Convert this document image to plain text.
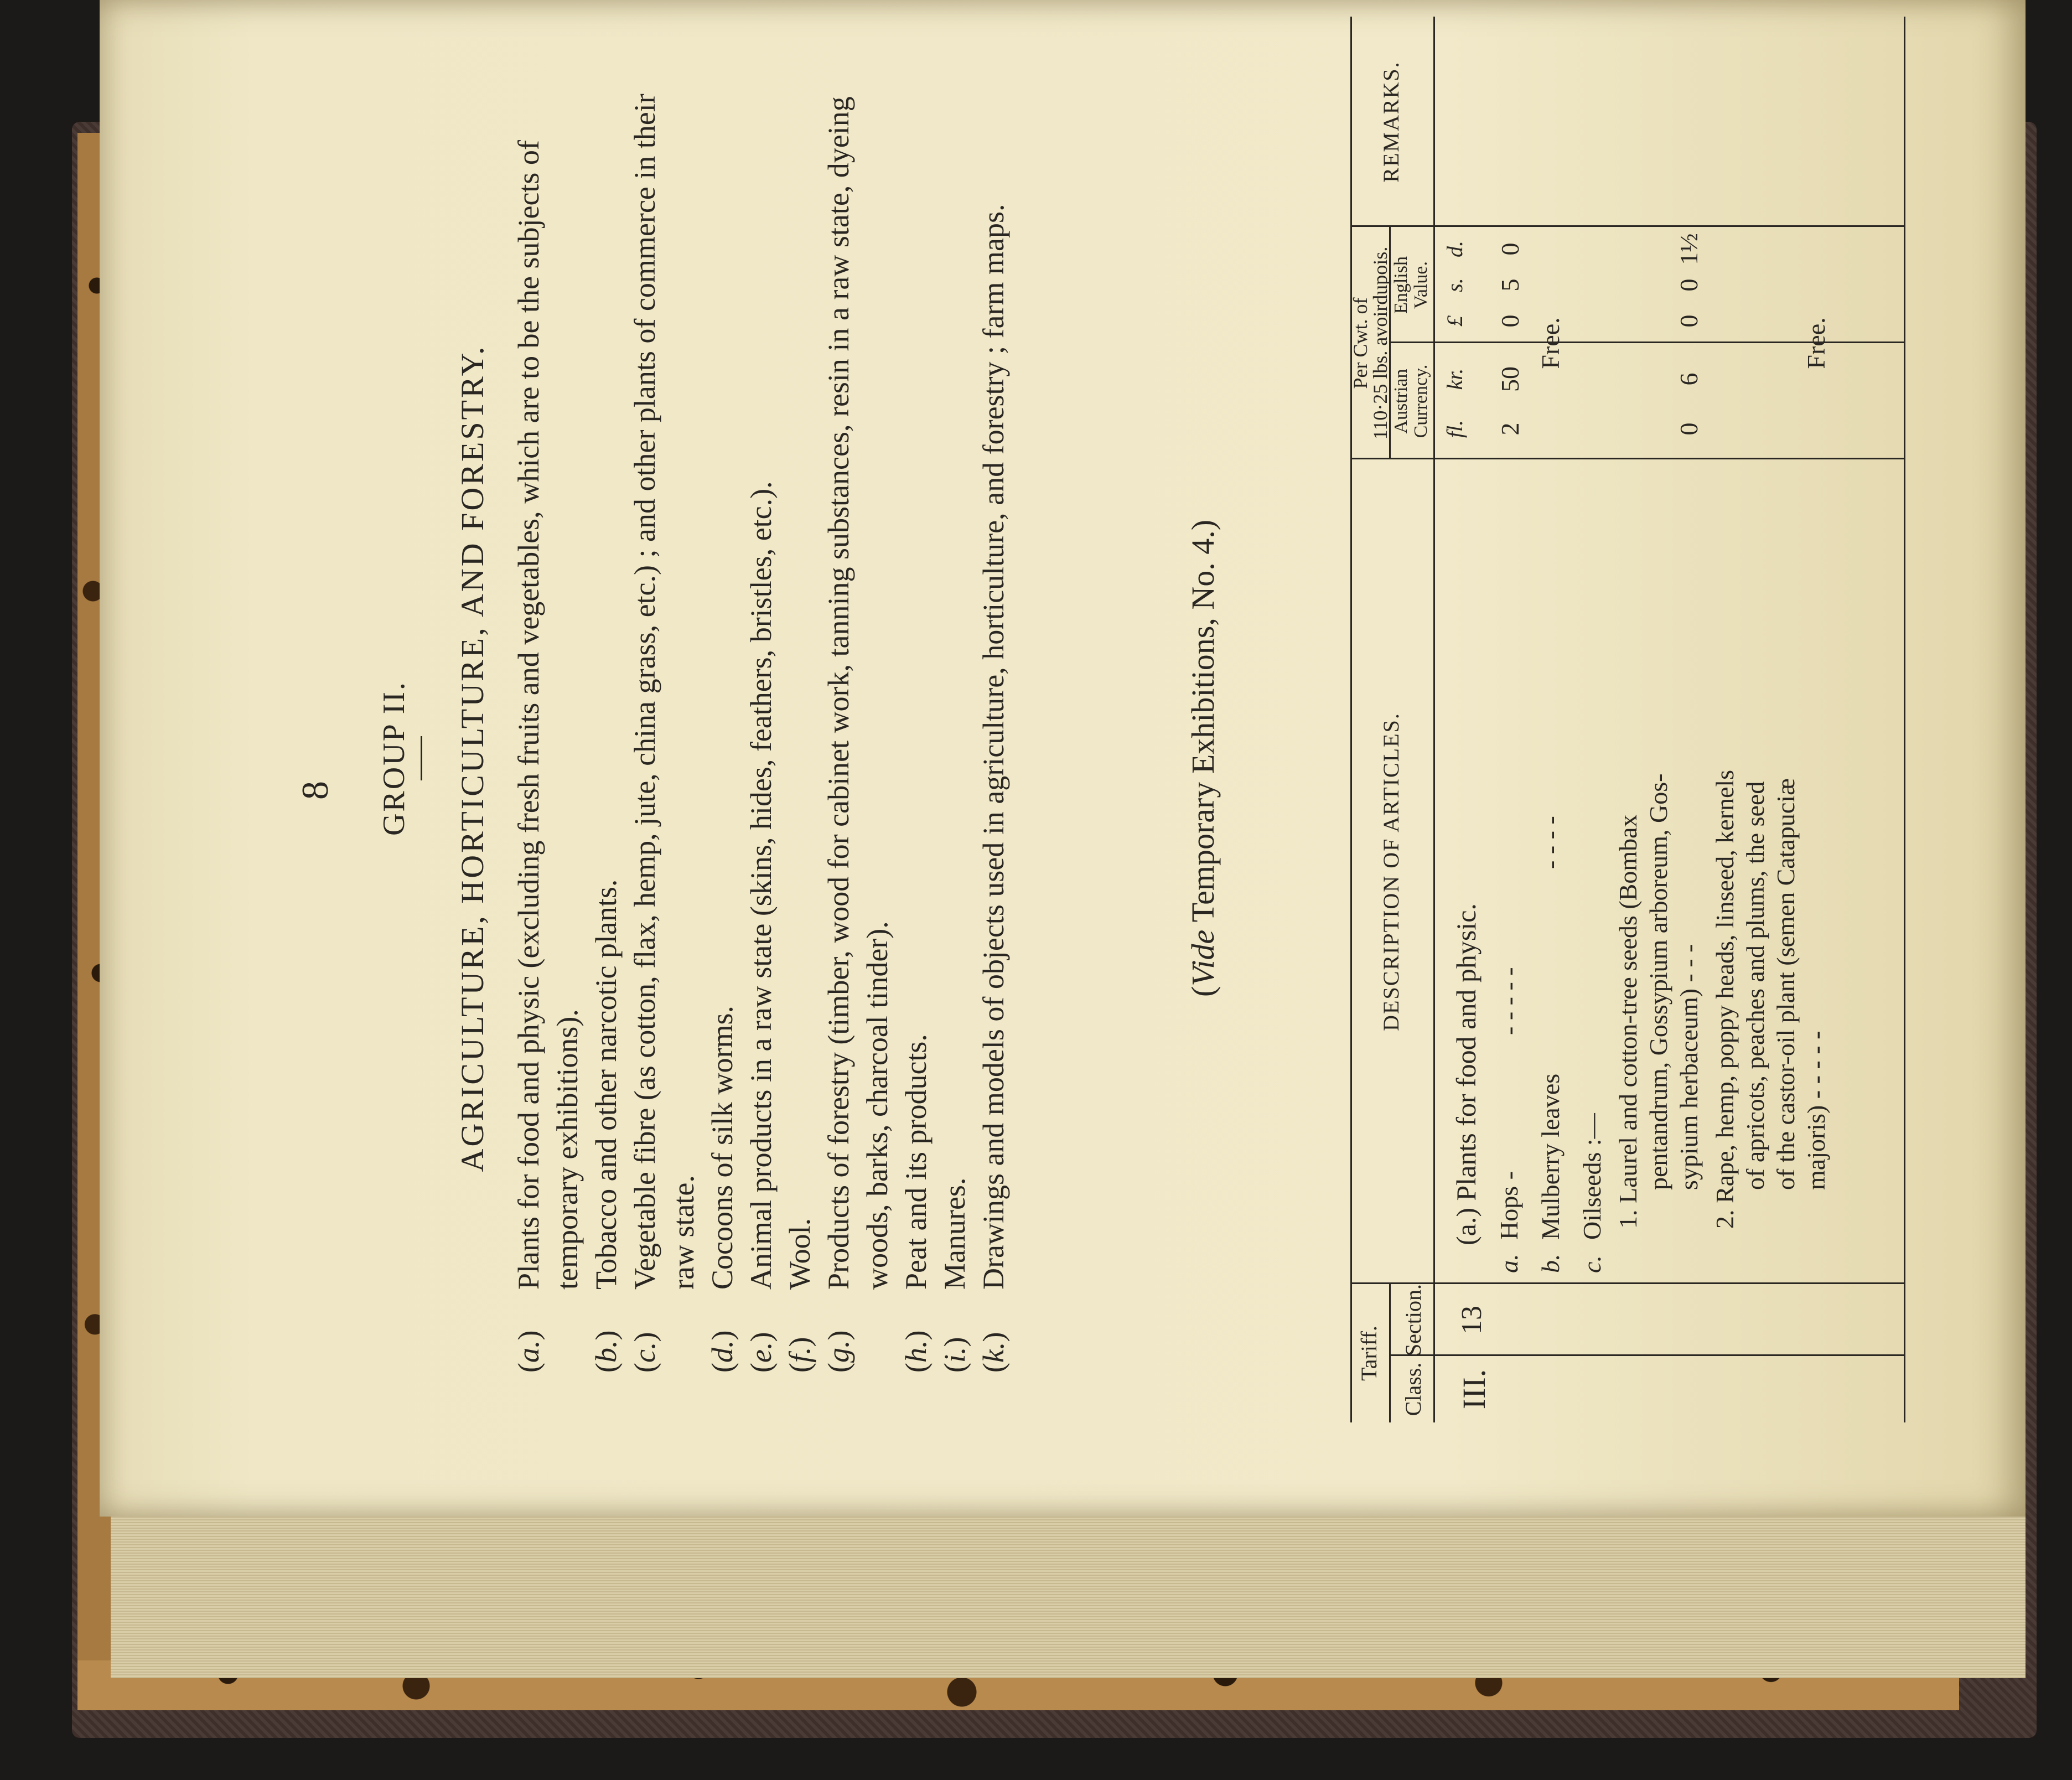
8 GROUP II. AGRICULTURE, HORTICULTURE, AND FORESTRY.
(a.)
Plants for food and physic (excluding fresh fruits and vegetables, which are to be the subjects of temporary exhibitions).
(b.)
Tobacco and other narcotic plants.
(c.)
Vegetable fibre (as cotton, flax, hemp, jute, china grass, etc.) ; and other plants of commerce in their raw state.
(d.)
Cocoons of silk worms.
(e.)
Animal products in a raw state (skins, hides, feathers, bristles, etc.).
(f.)
Wool.
(g.)
Products of forestry (timber, wood for cabinet work, tanning substances, resin in a raw state, dyeing woods, barks, charcoal tinder).
(h.)
Peat and its products.
(i.)
Manures.
(k.)
Drawings and models of objects used in agriculture, horticulture, and forestry ; farm maps.	(Vide Temporary Exhibitions, No. 4.)
Tariff.
Class.
Section.
DESCRIPTION OF ARTICLES.
Per Cwt. of
110·25 lbs. avoirdupois. Austrian
Currency.
English
Value.
REMARKS.
fl.
kr.
£
s.
d.
III.
13
(a.) Plants for food and physic.
a.
Hops -
- - - - -
2
50
0
5
0
b.
Mulberry leaves
- - - -
Free.
c.
Oilseeds :— 1. Laurel and cotton-tree seeds (Bombax pentandrum, Gossypium arboreum, Gos- sypium herbaceum) - - -
0
6
0
0
1½
2. Rape, hemp, poppy heads, linseed, kernels of apricots, peaches and plums, the seed of the castor-oil plant (semen Catapuciæ majoris) - - - - -
Free.
